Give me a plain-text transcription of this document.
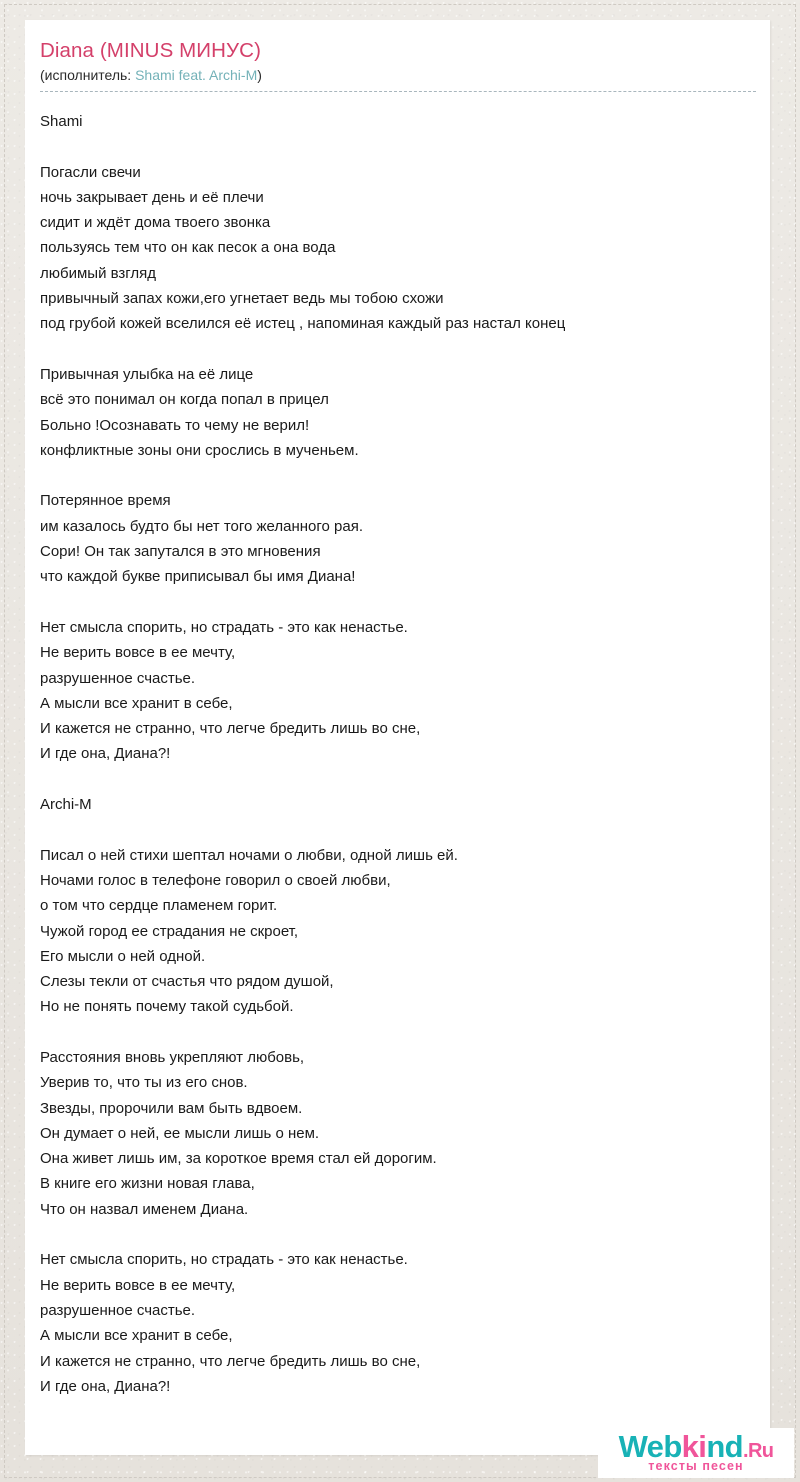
Diana (MINUS МИНУС)
(исполнитель: Shami feat. Archi-M)

Shami

Погасли свечи
ночь закрывает день и её плечи
сидит и ждёт дома твоего звонка
пользуясь тем что он как песок а она вода
любимый взгляд
привычный запах кожи,его угнетает ведь мы тобою схожи
под грубой кожей вселился её истец , напоминая каждый раз настал конец

Привычная улыбка на её лице
всё это понимал он когда попал в прицел
Больно !Осознавать то чему не верил!
конфликтные зоны они срослись в мученьем.

Потерянное время
им казалось будто бы нет того желанного рая.
Сори! Он так запутался в это мгновения
что каждой букве приписывал бы имя Диана!

Нет смысла спорить, но страдать - это как ненастье.
Не верить вовсе в ее мечту,
разрушенное счастье.
А мысли все хранит в себе,
И кажется не странно, что легче бредить лишь во сне,
И где она, Диана?!

Archi-M

Писал о ней стихи шептал ночами о любви, одной лишь ей.
Ночами голос в телефоне говорил о своей любви,
о том что сердце пламенем горит.
Чужой город ее страдания не скроет,
Его мысли о ней одной.
Слезы текли от счастья что рядом душой,
Но не понять почему такой судьбой.

Расстояния вновь укрепляют любовь,
Уверив то, что ты из его снов.
Звезды, пророчили вам быть вдвоем.
Он думает о ней, ее мысли лишь о нем.
Она живет лишь им, за короткое время стал ей дорогим.
В книге его жизни новая глава,
Что он назвал именем Диана.

Нет смысла спорить, но страдать - это как ненастье.
Не верить вовсе в ее мечту,
разрушенное счастье.
А мысли все хранит в себе,
И кажется не странно, что легче бредить лишь во сне,
И где она, Диана?!

Webkind.Ru
тексты песен
